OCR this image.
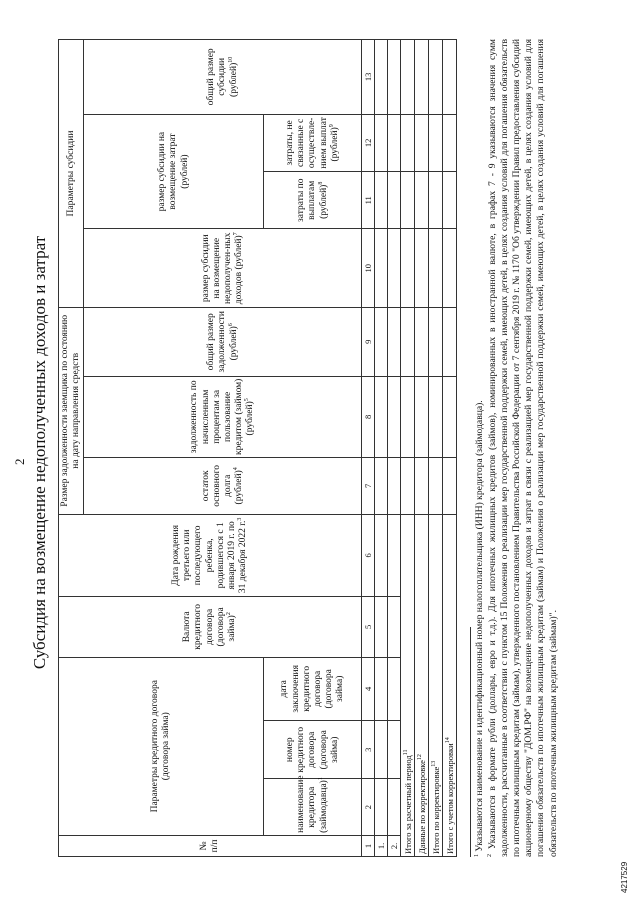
2 Субсидия на возмещение недополученных доходов и затрат
№ п/п	Параметры кредитного договора (договора займа)			Валюта кредитного договора (договора займа)$^2$	Дата рождения третьего или последующего ребенка, родившегося с 1 января 2019 г. по 31 декабря 2022 г.$^3$	Размер задолженности заемщика по состоянию на дату направления средств			Параметры субсидии			
						остаток основного долга (рублей)$^4$	задолженность по начисленным процентам за пользование кредитом (займом) (рублей)$^5$	общий размер задолженности (рублей)$^6$	размер субсидии на возмещение недополучен-ных доходов (рублей)$^7$	размер субсидии на возмещение затрат (рублей)		общий размер субсидии (рублей)$^{10}$
	наименование кредитора (займодавца)$^1$	номер кредитного договора (договора займа)	дата заключения кредитного договора (договора займа)							затраты по выплатам (рублей)$^8$	затраты, не связанные с осуществле-нием выплат (рублей)$^9$
1	2	3	4	5	6	7	8	9	10	11	12	13
1.												
2.												
Итого за расчетный период$^{11}$							
Данные по корректировке$^{12}$							
Итого по корректировке$^{13}$							
Итого с учетом корректировки$^{14}$							

$^1$ Указываются наименование и идентификационный номер налогоплательщика (ИНН) кредитора (займодавца).

$^2$ Указываются в формате рубли (доллары, евро и т.д.). Для ипотечных жилищных кредитов (займов), номинированных в иностранной валюте, в графах 7 - 9 указываются значения сумм задолженности, рассчитанные в соответствии с пунктом 15 Положения о реализации мер государственной поддержки семей, имеющих детей, в целях создания условий для погашения обязательств по ипотечным жилищным кредитам (займам), утвержденного постановлением Правительства Российской Федерации от 7 сентября 2019 г. № 1170 "Об утверждении Правил предоставления субсидий акционерному обществу "ДОМ.РФ" на возмещение недополученных доходов и затрат в связи с реализацией мер государственной поддержки семей, имеющих детей, в целях создания условий для погашения обязательств по ипотечным жилищным кредитам (займам) и Положения о реализации мер государственной поддержки семей, имеющих детей, в целях создания условий для погашения обязательств по ипотечным жилищным кредитам (займам)".

4217529
